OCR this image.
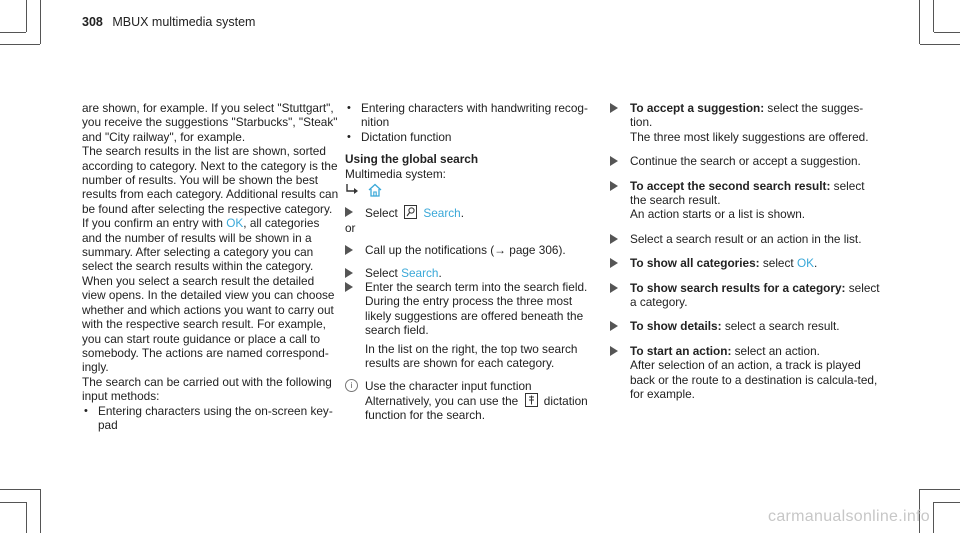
308 MBUX multimedia system

are shown, for example. If you select "Stuttgart", you receive the suggestions "Starbucks", "Steak" and "City railway", for example.

The search results in the list are shown, sorted according to category. Next to the category is the number of results. You will be shown the best results from each category. Additional results can be found after selecting the respective category.

If you confirm an entry with OK, all categories and the number of results will be shown in a summary. After selecting a category you can select the search results within the category. When you select a search result the detailed view opens. In the detailed view you can choose whether and which actions you want to carry out with the respective search result. For example, you can start route guidance or place a call to somebody. The actions are named correspond-ingly.

The search can be carried out with the following input methods:

• Entering characters using the on-screen key-pad

• Entering characters with handwriting recog-nition

• Dictation function

Using the global search

Multimedia system:

Select
Search.

or

Call up the notifications (→ page 306).

Select Search.

Enter the search term into the search field.

During the entry process the three most likely suggestions are offered beneath the search field.

In the list on the right, the top two search results are shown for each category.

i	Use the character input function

Alternatively, you can use the
dictation function for the search.

To accept a suggestion: select the sugges-tion.

The three most likely suggestions are offered.

Continue the search or accept a suggestion.

To accept the second search result: select the search result.

An action starts or a list is shown.

Select a search result or an action in the list.

To show all categories: select OK.

To show search results for a category: select a category.

To show details: select a search result.

To start an action: select an action.

After selection of an action, a track is played back or the route to a destination is calcula-ted, for example.

carmanualsonline.info
